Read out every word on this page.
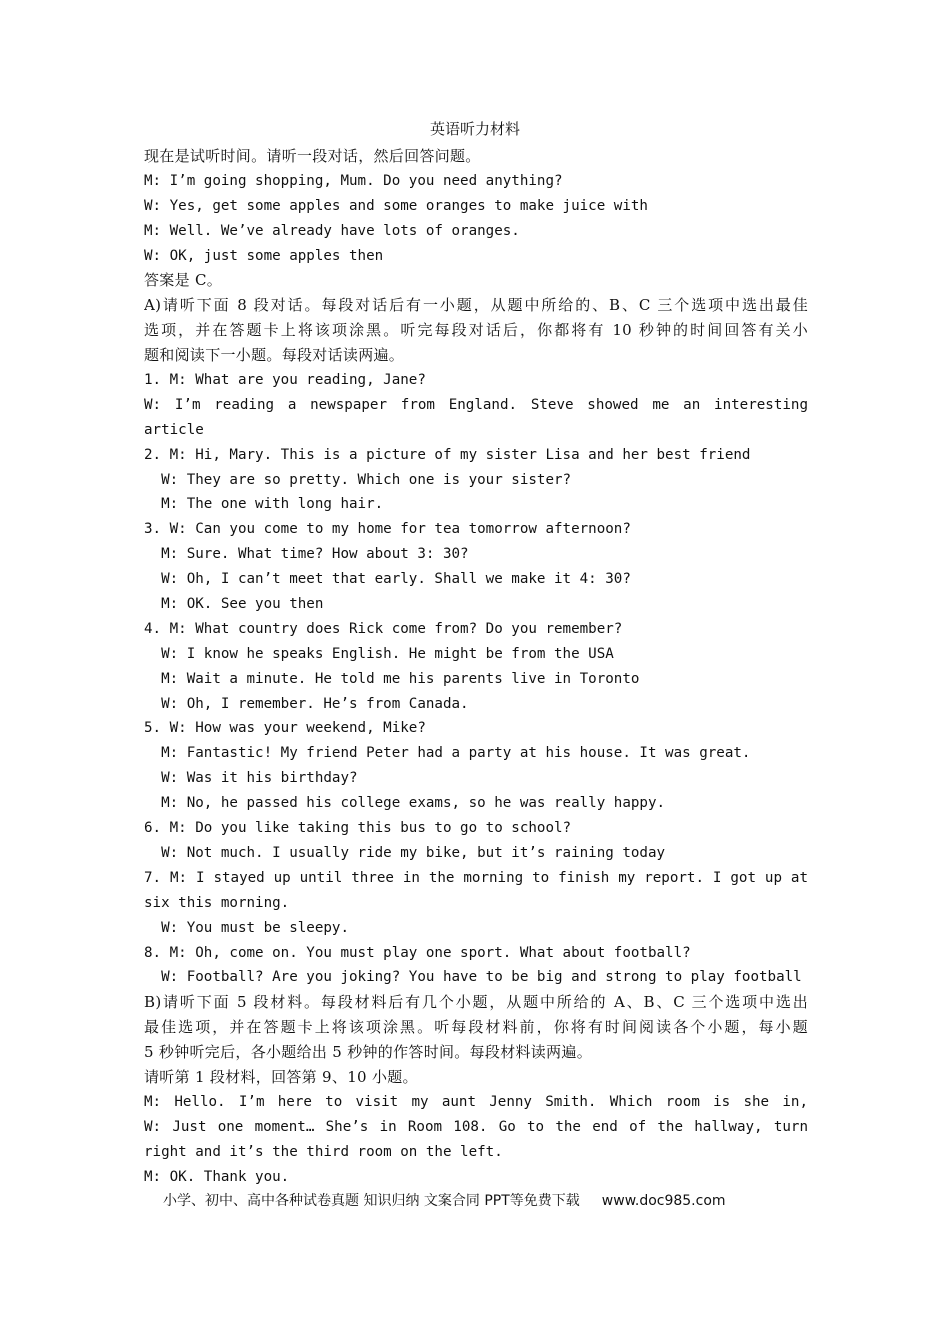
英语听力材料
现在是试听时间。请听一段对话，然后回答问题。
M: I’m going shopping, Mum. Do you need anything?
W: Yes, get some apples and some oranges to make juice with
M: Well. We’ve already have lots of oranges.
W: OK, just some apples then
答案是 C。
A)请听下面 8 段对话。每段对话后有一小题，从题中所给的、B、C 三个选项中选出最佳
选项，并在答题卡上将该项涂黑。听完每段对话后，你都将有 10 秒钟的时间回答有关小
题和阅读下一小题。每段对话读两遍。
1. M: What are you reading, Jane?
W: I’m reading a newspaper from England. Steve showed me an interesting
article
2. M: Hi, Mary. This is a picture of my sister Lisa and her best friend
W: They are so pretty. Which one is your sister?
M: The one with long hair.
3. W: Can you come to my home for tea tomorrow afternoon?
M: Sure. What time? How about 3: 30?
W: Oh, I can’t meet that early. Shall we make it 4: 30?
M: OK. See you then
4. M: What country does Rick come from? Do you remember?
W: I know he speaks English. He might be from the USA
M: Wait a minute. He told me his parents live in Toronto
W: Oh, I remember. He’s from Canada.
5. W: How was your weekend, Mike?
M: Fantastic! My friend Peter had a party at his house. It was great.
W: Was it his birthday?
M: No, he passed his college exams, so he was really happy.
6. M: Do you like taking this bus to go to school?
W: Not much. I usually ride my bike, but it’s raining today
7. M: I stayed up until three in the morning to finish my report. I got up at
six this morning.
W: You must be sleepy.
8. M: Oh, come on. You must play one sport. What about football?
W: Football? Are you joking? You have to be big and strong to play football
B)请听下面 5 段材料。每段材料后有几个小题，从题中所给的 A、B、C 三个选项中选出
最佳选项，并在答题卡上将该项涂黑。听每段材料前，你将有时间阅读各个小题，每小题
5 秒钟听完后，各小题给出 5 秒钟的作答时间。每段材料读两遍。
请听第 1 段材料，回答第 9、10 小题。
M: Hello. I’m here to visit my aunt Jenny Smith. Which room is she in,
W: Just one moment… She’s in Room 108. Go to the end of the hallway, turn
right and it’s the third room on the left.
M: OK. Thank you.
小学、初中、高中各种试卷真题 知识归纳 文案合同 PPT等免费下载 www.doc985.com
